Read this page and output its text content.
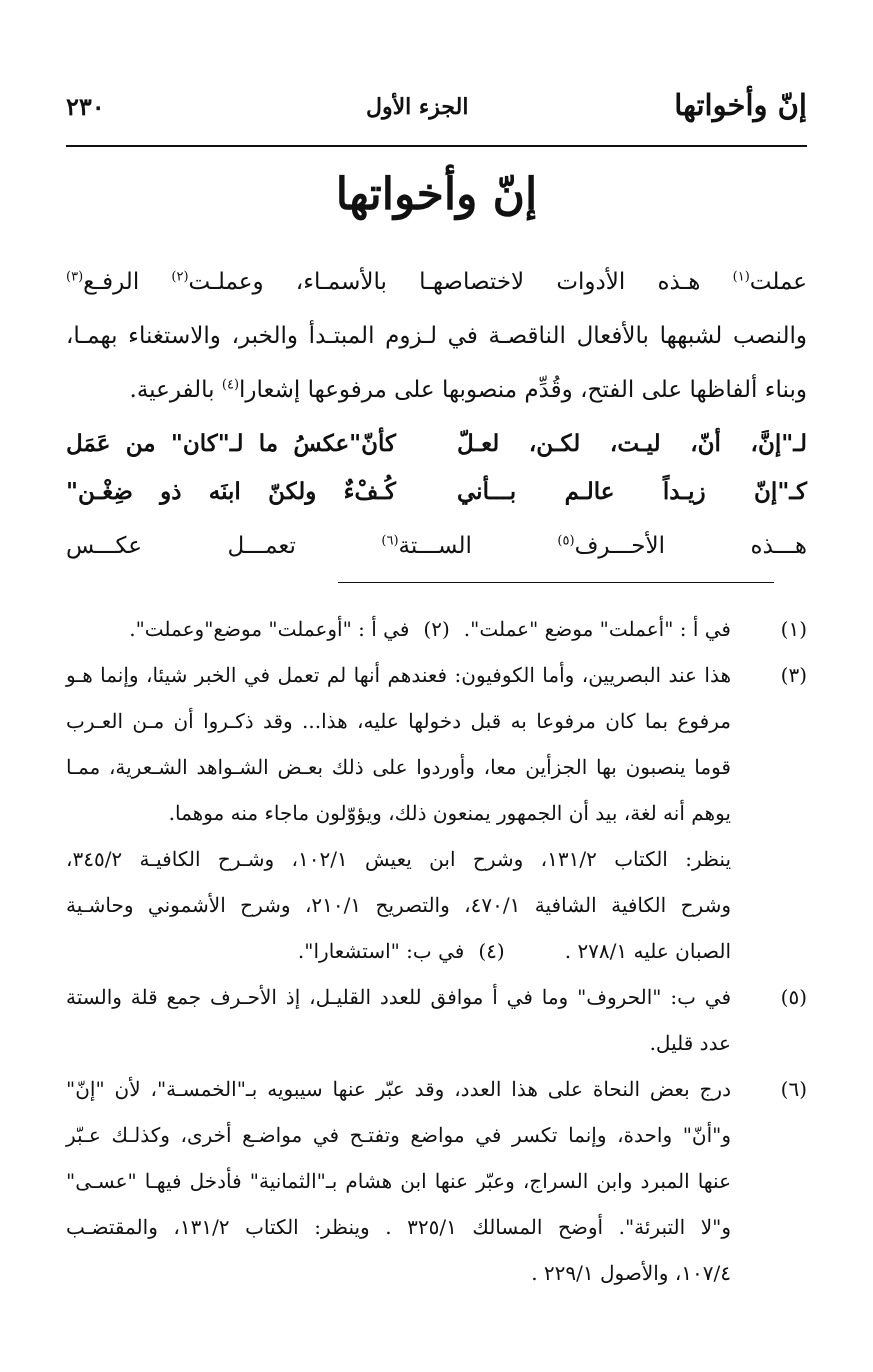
إنّ وأخواتها
الجزء الأول
٢٣٠
إنّ وأخواتها
عملت$^{(١)}$ هـذه الأدوات لاختصاصهـا بالأسمـاء، وعملـت$^{(٢)}$ الرفـع$^{(٣)}$
والنصب لشبهها بالأفعال الناقصـة في لـزوم المبتـدأ والخبر، والاستغناء بهمـا،
وبناء ألفاظها على الفتح، وقُدِّم منصوبها على مرفوعها إشعارا$^{(٤)}$ بالفرعية.
لـ"إنَّ، أنّ، ليـت، لكـن، لعـلّ
كأنّ"عكسُ ما لـ"كان" من عَمَل
كـ"إنّ زيـداً عالـم بـــأني
كُـفْءٌ ولكنّ ابنَه ذو ضِغْـن"
هـــذه الأحـــرف$^{(٥)}$ الســـتة$^{(٦)}$ تعمـــل عكـــس
(١)
في أ : "أعملت" موضع "عملت".(٢)في أ : "أوعملت" موضع"وعملت".
(٣)
هذا عند البصريين، وأما الكوفيون: فعندهم أنها لم تعمل في الخبر شيئا، وإنما هـو
مرفوع بما كان مرفوعا به قبل دخولها عليه، هذا... وقد ذكـروا أن مـن العـرب
قوما ينصبون بها الجزأين معا، وأوردوا على ذلك بعـض الشـواهد الشـعرية، ممـا
يوهم أنه لغة، بيد أن الجمهور يمنعون ذلك، ويؤوّلون ماجاء منه موهما.
ينظر: الكتاب ١٣١/٢، وشرح ابن يعيش ١٠٢/١، وشـرح الكافيـة ٣٤٥/٢،
وشرح الكافية الشافية ٤٧٠/١، والتصريح ٢١٠/١، وشرح الأشموني وحاشـية
الصبان عليه ٢٧٨/١ .(٤)في ب: "استشعارا".
(٥)
في ب: "الحروف" وما في أ موافق للعدد القليـل، إذ الأحـرف جمع قلة والستة
عدد قليل.
(٦)
درج بعض النحاة على هذا العدد، وقد عبّر عنها سيبويه بـ"الخمسـة"، لأن "إنّ"
و"أنّ" واحدة، وإنما تكسر في مواضع وتفتـح في مواضـع أخرى، وكذلـك عـبّر
عنها المبرد وابن السراج، وعبّر عنها ابن هشام بـ"الثمانية" فأدخل فيهـا "عسـى"
و"لا التبرئة". أوضح المسالك ٣٢٥/١ . وينظر: الكتاب ١٣١/٢، والمقتضـب
١٠٧/٤، والأصول ٢٢٩/١ .
